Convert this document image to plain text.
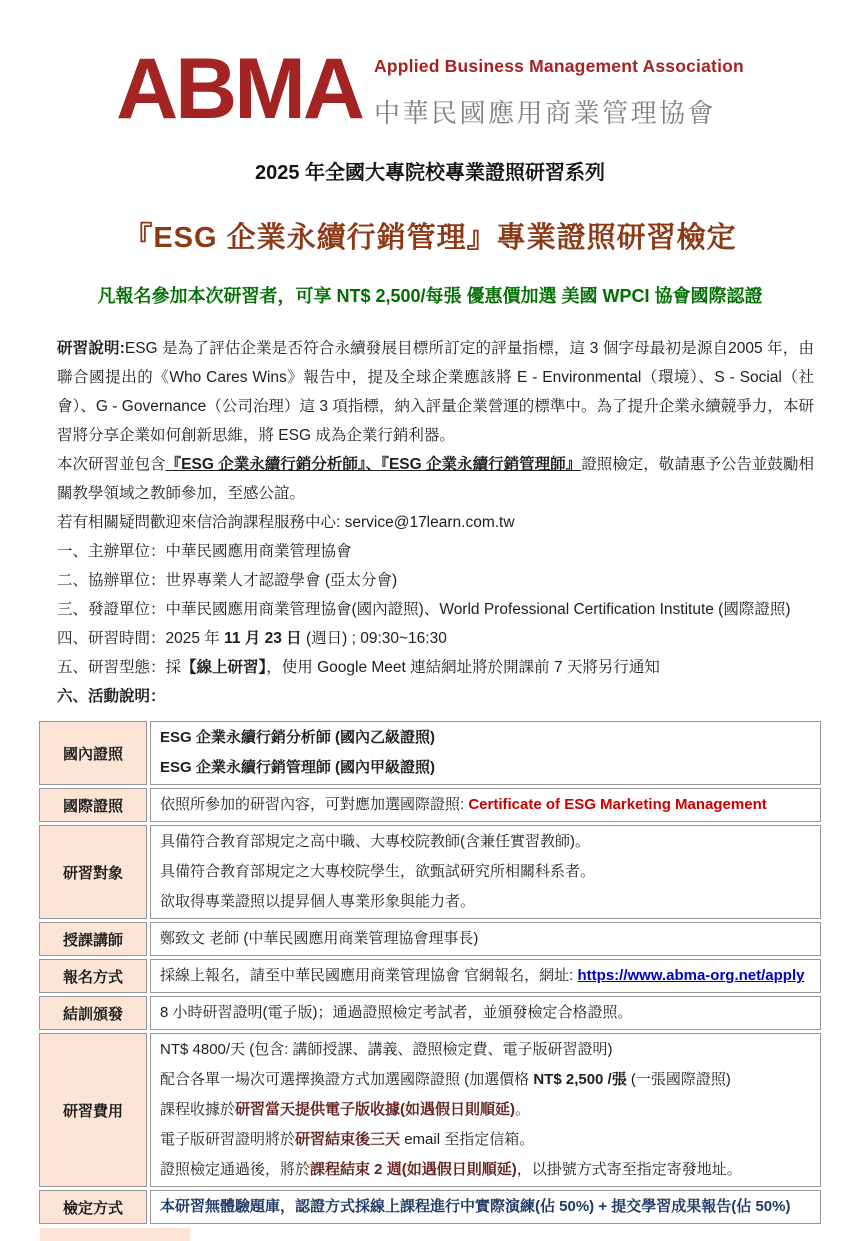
ABMA Applied Business Management Association
中華民國應用商業管理協會
2025 年全國大專院校專業證照研習系列
『ESG 企業永續行銷管理』專業證照研習檢定
凡報名參加本次研習者，可享 NT$ 2,500/每張 優惠價加選 美國 WPCI 協會國際認證
研習說明:ESG 是為了評估企業是否符合永續發展目標所訂定的評量指標，這 3 個字母最初是源自2005 年，由聯合國提出的《Who Cares Wins》報告中，提及全球企業應該將 E - Environmental（環境）、S - Social（社會）、G - Governance（公司治理）這 3 項指標，納入評量企業營運的標準中。為了提升企業永續競爭力，本研習將分享企業如何創新思維，將 ESG 成為企業行銷利器。
本次研習並包含『ESG 企業永續行銷分析師』、『ESG 企業永續行銷管理師』證照檢定，敬請惠予公告並鼓勵相關教學領域之教師參加，至感公誼。
若有相關疑問歡迎來信洽詢課程服務中心: service@17learn.com.tw
一、主辦單位：中華民國應用商業管理協會
二、協辦單位：世界專業人才認證學會 (亞太分會)
三、發證單位：中華民國應用商業管理協會(國內證照)、World Professional Certification Institute (國際證照)
四、研習時間：2025 年 11 月 23 日 (週日) ; 09:30~16:30
五、研習型態：採【線上研習】，使用 Google Meet 連結網址將於開課前 7 天將另行通知
六、活動說明：
國內證照	ESG 企業永續行銷分析師 (國內乙級證照)
ESG 企業永續行銷管理師 (國內甲級證照)

國際證照	依照所參加的研習內容，可對應加選國際證照: Certificate of ESG Marketing Management
研習對象	具備符合教育部規定之高中職、大專校院教師(含兼任實習教師)。
具備符合教育部規定之大專校院學生，欲甄試研究所相關科系者。
欲取得專業證照以提昇個人專業形象與能力者。

授課講師	鄭致文 老師 (中華民國應用商業管理協會理事長)
報名方式	採線上報名，請至中華民國應用商業管理協會 官網報名，網址: https://www.abma-org.net/apply
結訓頒發	8 小時研習證明(電子版)；通過證照檢定考試者，並頒發檢定合格證照。
研習費用	NT$ 4800/天 (包含: 講師授課、講義、證照檢定費、電子版研習證明)
配合各單一場次可選擇換證方式加選國際證照 (加選價格 NT$ 2,500 /張 (一張國際證照)
課程收據於研習當天提供電子版收據(如遇假日則順延)。
電子版研習證明將於研習結束後三天 email 至指定信箱。
證照檢定通過後，將於課程結束 2 週(如遇假日則順延)，以掛號方式寄至指定寄發地址。

檢定方式	本研習無體驗題庫，認證方式採線上課程進行中實際演練(佔 50%) + 提交學習成果報告(佔 50%)
